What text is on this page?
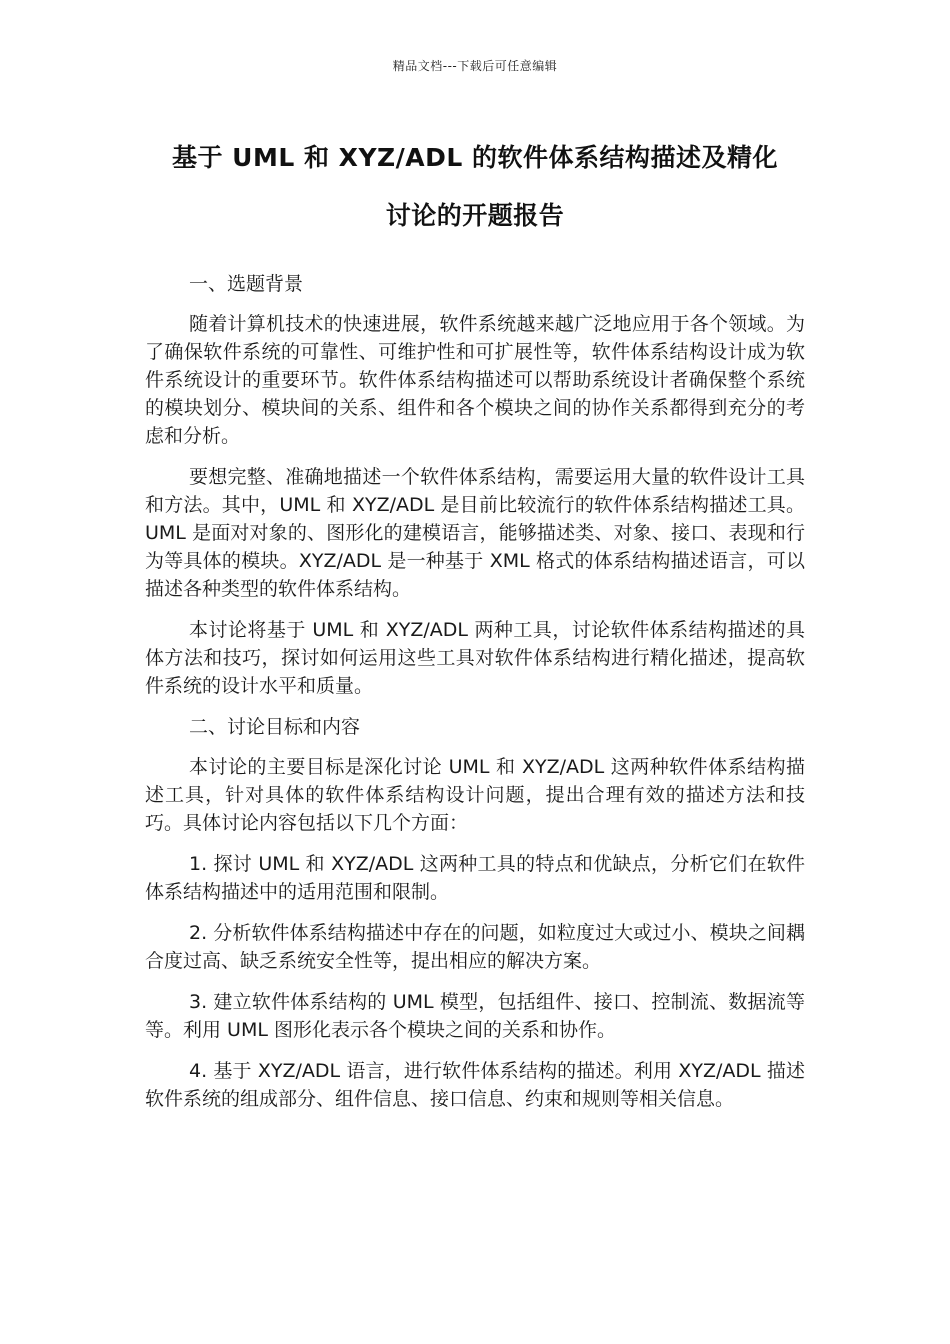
精品文档---下载后可任意编辑
基于 UML 和 XYZ/ADL 的软件体系结构描述及精化
讨论的开题报告

一、选题背景

随着计算机技术的快速进展，软件系统越来越广泛地应用于各个领域。为了确保软件系统的可靠性、可维护性和可扩展性等，软件体系结构设计成为软件系统设计的重要环节。软件体系结构描述可以帮助系统设计者确保整个系统的模块划分、模块间的关系、组件和各个模块之间的协作关系都得到充分的考虑和分析。

要想完整、准确地描述一个软件体系结构，需要运用大量的软件设计工具和方法。其中，UML 和 XYZ/ADL 是目前比较流行的软件体系结构描述工具。UML 是面对对象的、图形化的建模语言，能够描述类、对象、接口、表现和行为等具体的模块。XYZ/ADL 是一种基于 XML 格式的体系结构描述语言，可以描述各种类型的软件体系结构。

本讨论将基于 UML 和 XYZ/ADL 两种工具，讨论软件体系结构描述的具体方法和技巧，探讨如何运用这些工具对软件体系结构进行精化描述，提高软件系统的设计水平和质量。

二、讨论目标和内容

本讨论的主要目标是深化讨论 UML 和 XYZ/ADL 这两种软件体系结构描述工具，针对具体的软件体系结构设计问题，提出合理有效的描述方法和技巧。具体讨论内容包括以下几个方面：

1. 探讨 UML 和 XYZ/ADL 这两种工具的特点和优缺点，分析它们在软件体系结构描述中的适用范围和限制。

2. 分析软件体系结构描述中存在的问题，如粒度过大或过小、模块之间耦合度过高、缺乏系统安全性等，提出相应的解决方案。

3. 建立软件体系结构的 UML 模型，包括组件、接口、控制流、数据流等等。利用 UML 图形化表示各个模块之间的关系和协作。

4. 基于 XYZ/ADL 语言，进行软件体系结构的描述。利用 XYZ/ADL 描述软件系统的组成部分、组件信息、接口信息、约束和规则等相关信息。
